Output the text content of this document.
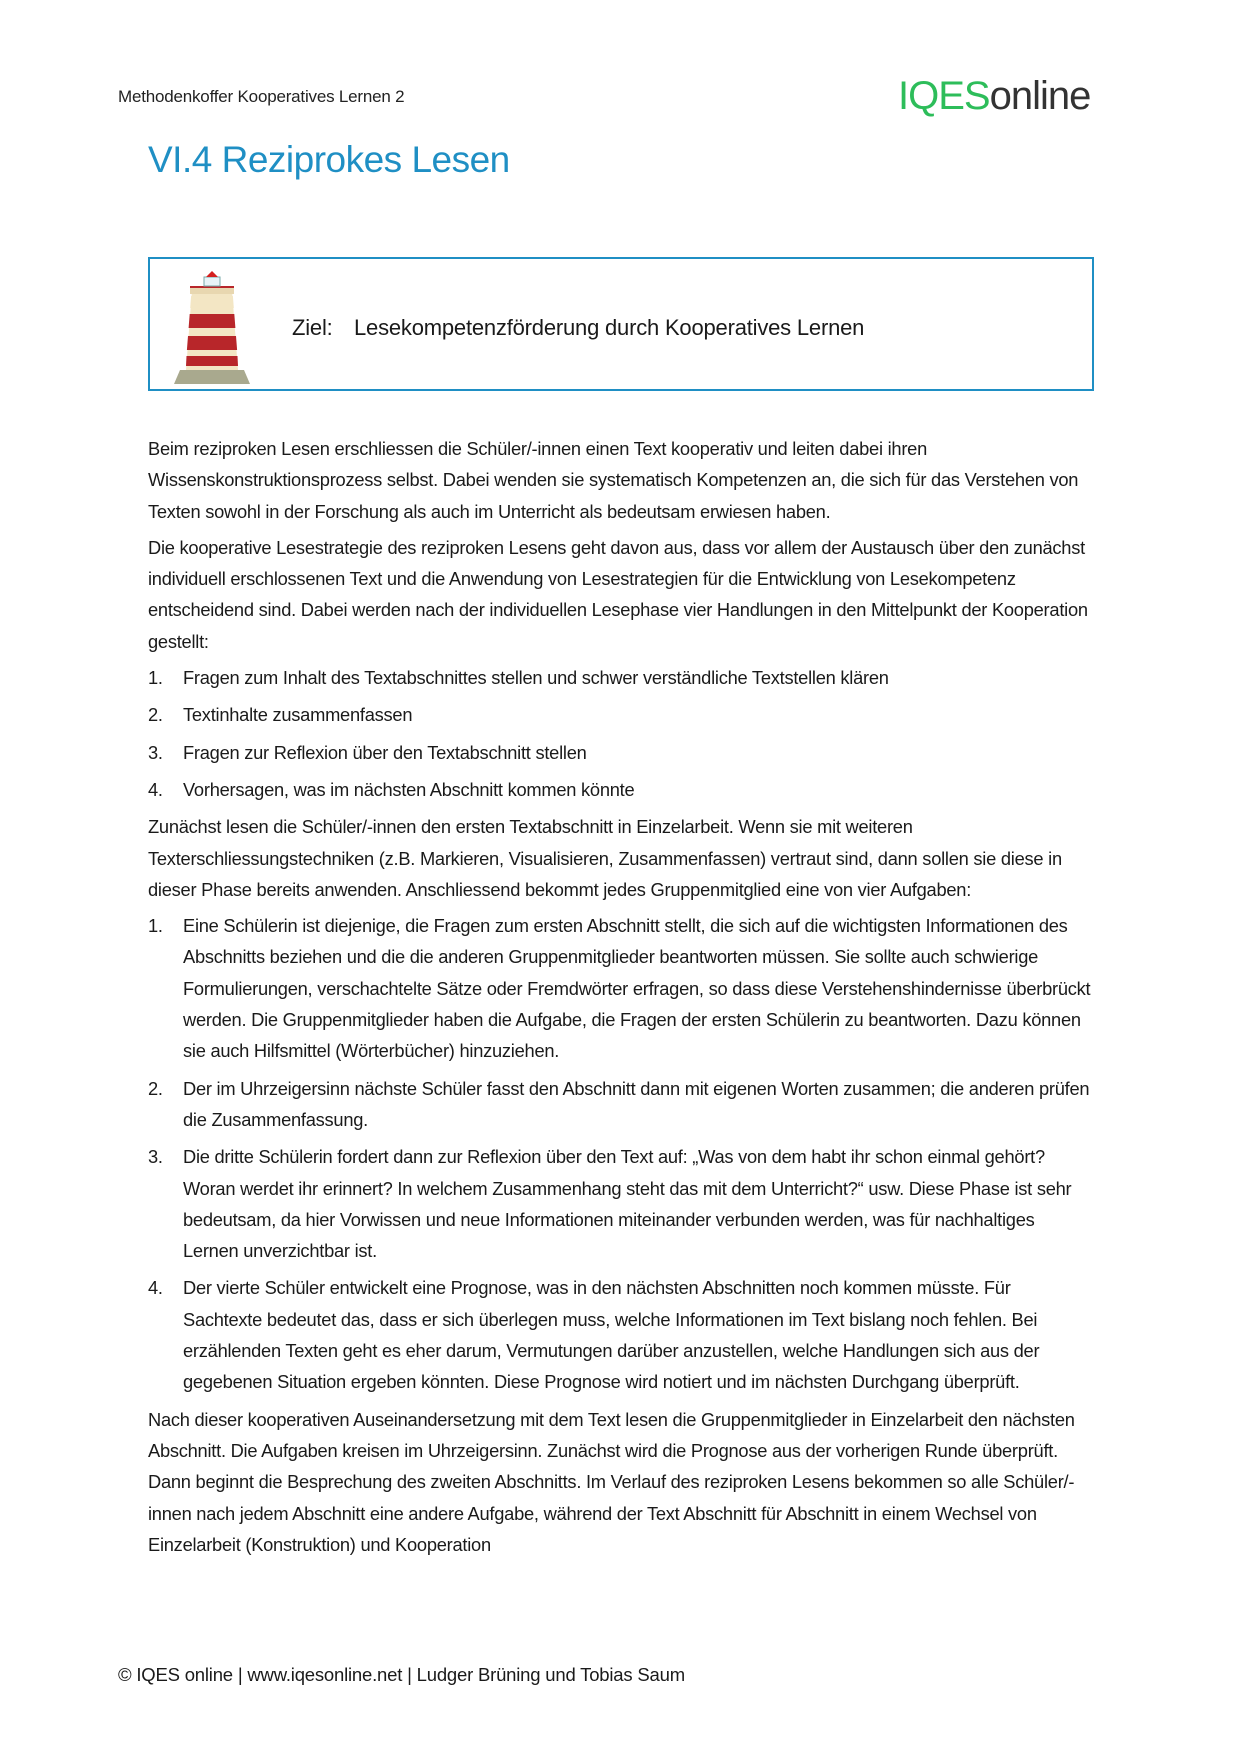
Methodenkoffer Kooperatives Lernen 2	IQESonline
VI.4 Reziprokes Lesen
Ziel: Lesekompetenzförderung durch Kooperatives Lernen

Beim reziproken Lesen erschliessen die Schüler/-innen einen Text kooperativ und leiten dabei ihren Wissenskonstruktionsprozess selbst. Dabei wenden sie systematisch Kompetenzen an, die sich für das Verstehen von Texten sowohl in der Forschung als auch im Unterricht als bedeutsam erwiesen haben.

Die kooperative Lesestrategie des reziproken Lesens geht davon aus, dass vor allem der Austausch über den zunächst individuell erschlossenen Text und die Anwendung von Lesestrategien für die Entwicklung von Lesekompetenz entscheidend sind. Dabei werden nach der individuellen Lesephase vier Handlungen in den Mittelpunkt der Kooperation gestellt:

1. Fragen zum Inhalt des Textabschnittes stellen und schwer verständliche Textstellen klären
2. Textinhalte zusammenfassen
3. Fragen zur Reflexion über den Textabschnitt stellen
4. Vorhersagen, was im nächsten Abschnitt kommen könnte

Zunächst lesen die Schüler/-innen den ersten Textabschnitt in Einzelarbeit. Wenn sie mit weiteren Texterschliessungstechniken (z.B. Markieren, Visualisieren, Zusammenfassen) vertraut sind, dann sollen sie diese in dieser Phase bereits anwenden. Anschliessend bekommt jedes Gruppenmitglied eine von vier Aufgaben:

1. Eine Schülerin ist diejenige, die Fragen zum ersten Abschnitt stellt, die sich auf die wichtigsten Informationen des Abschnitts beziehen und die die anderen Gruppenmitglieder beantworten müssen. Sie sollte auch schwierige Formulierungen, verschachtelte Sätze oder Fremdwörter erfragen, so dass diese Verstehenshindernisse überbrückt werden. Die Gruppenmitglieder haben die Aufgabe, die Fragen der ersten Schülerin zu beantworten. Dazu können sie auch Hilfsmittel (Wörterbücher) hinzuziehen.
2. Der im Uhrzeigersinn nächste Schüler fasst den Abschnitt dann mit eigenen Worten zusammen; die anderen prüfen die Zusammenfassung.
3. Die dritte Schülerin fordert dann zur Reflexion über den Text auf: „Was von dem habt ihr schon einmal gehört? Woran werdet ihr erinnert? In welchem Zusammenhang steht das mit dem Unterricht?“ usw. Diese Phase ist sehr bedeutsam, da hier Vorwissen und neue Informationen miteinander verbunden werden, was für nachhaltiges Lernen unverzichtbar ist.
4. Der vierte Schüler entwickelt eine Prognose, was in den nächsten Abschnitten noch kommen müsste. Für Sachtexte bedeutet das, dass er sich überlegen muss, welche Informationen im Text bislang noch fehlen. Bei erzählenden Texten geht es eher darum, Vermutungen darüber anzustellen, welche Handlungen sich aus der gegebenen Situation ergeben könnten. Diese Prognose wird notiert und im nächsten Durchgang überprüft.

Nach dieser kooperativen Auseinandersetzung mit dem Text lesen die Gruppenmitglieder in Einzelarbeit den nächsten Abschnitt. Die Aufgaben kreisen im Uhrzeigersinn. Zunächst wird die Prognose aus der vorherigen Runde überprüft. Dann beginnt die Besprechung des zweiten Abschnitts. Im Verlauf des reziproken Lesens bekommen so alle Schüler/-innen nach jedem Abschnitt eine andere Aufgabe, während der Text Abschnitt für Abschnitt in einem Wechsel von Einzelarbeit (Konstruktion) und Kooperation

© IQES online | www.iqesonline.net | Ludger Brüning und Tobias Saum
